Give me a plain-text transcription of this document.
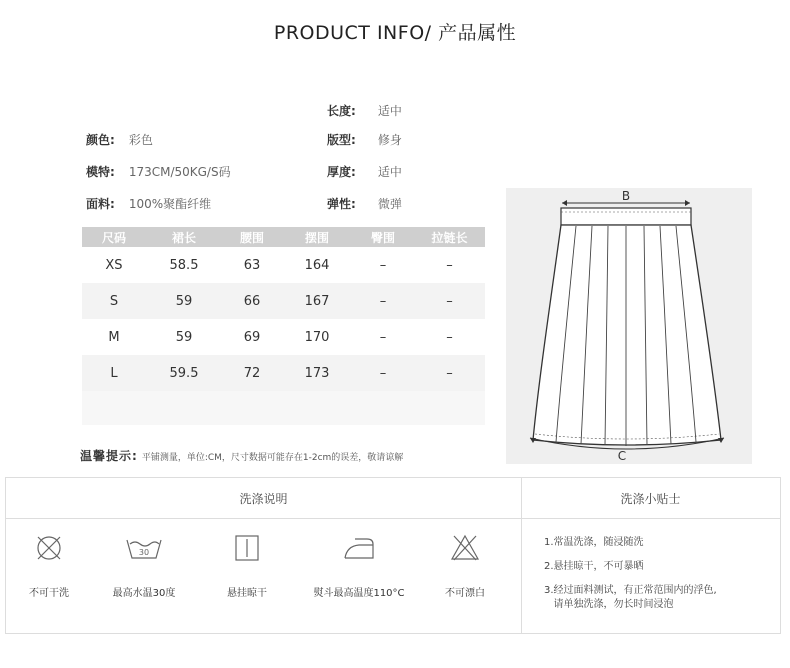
PRODUCT INFO/ 产品属性
颜色: 彩色
模特: 173CM/50KG/S码
面料: 100%聚酯纤维
长度: 适中
版型: 修身
厚度: 适中
弹性: 微弹
尺码	裙长	腰围	摆围	臀围	拉链长
XS	58.5	63	164	–	–
S	59	66	167	–	–
M	59	69	170	–	–
L	59.5	72	173	–	–

B
C
温馨提示: 平铺测量，单位:CM，尺寸数据可能存在1-2cm的误差，敬请谅解
洗涤说明	洗涤小贴士
不可干洗
30
最高水温30度	悬挂晾干	熨斗最高温度110°C	不可漂白
1.常温洗涤，随浸随洗
2.悬挂晾干，不可暴晒
3.经过面料测试，有正常范围内的浮色,
请单独洗涤，勿长时间浸泡
